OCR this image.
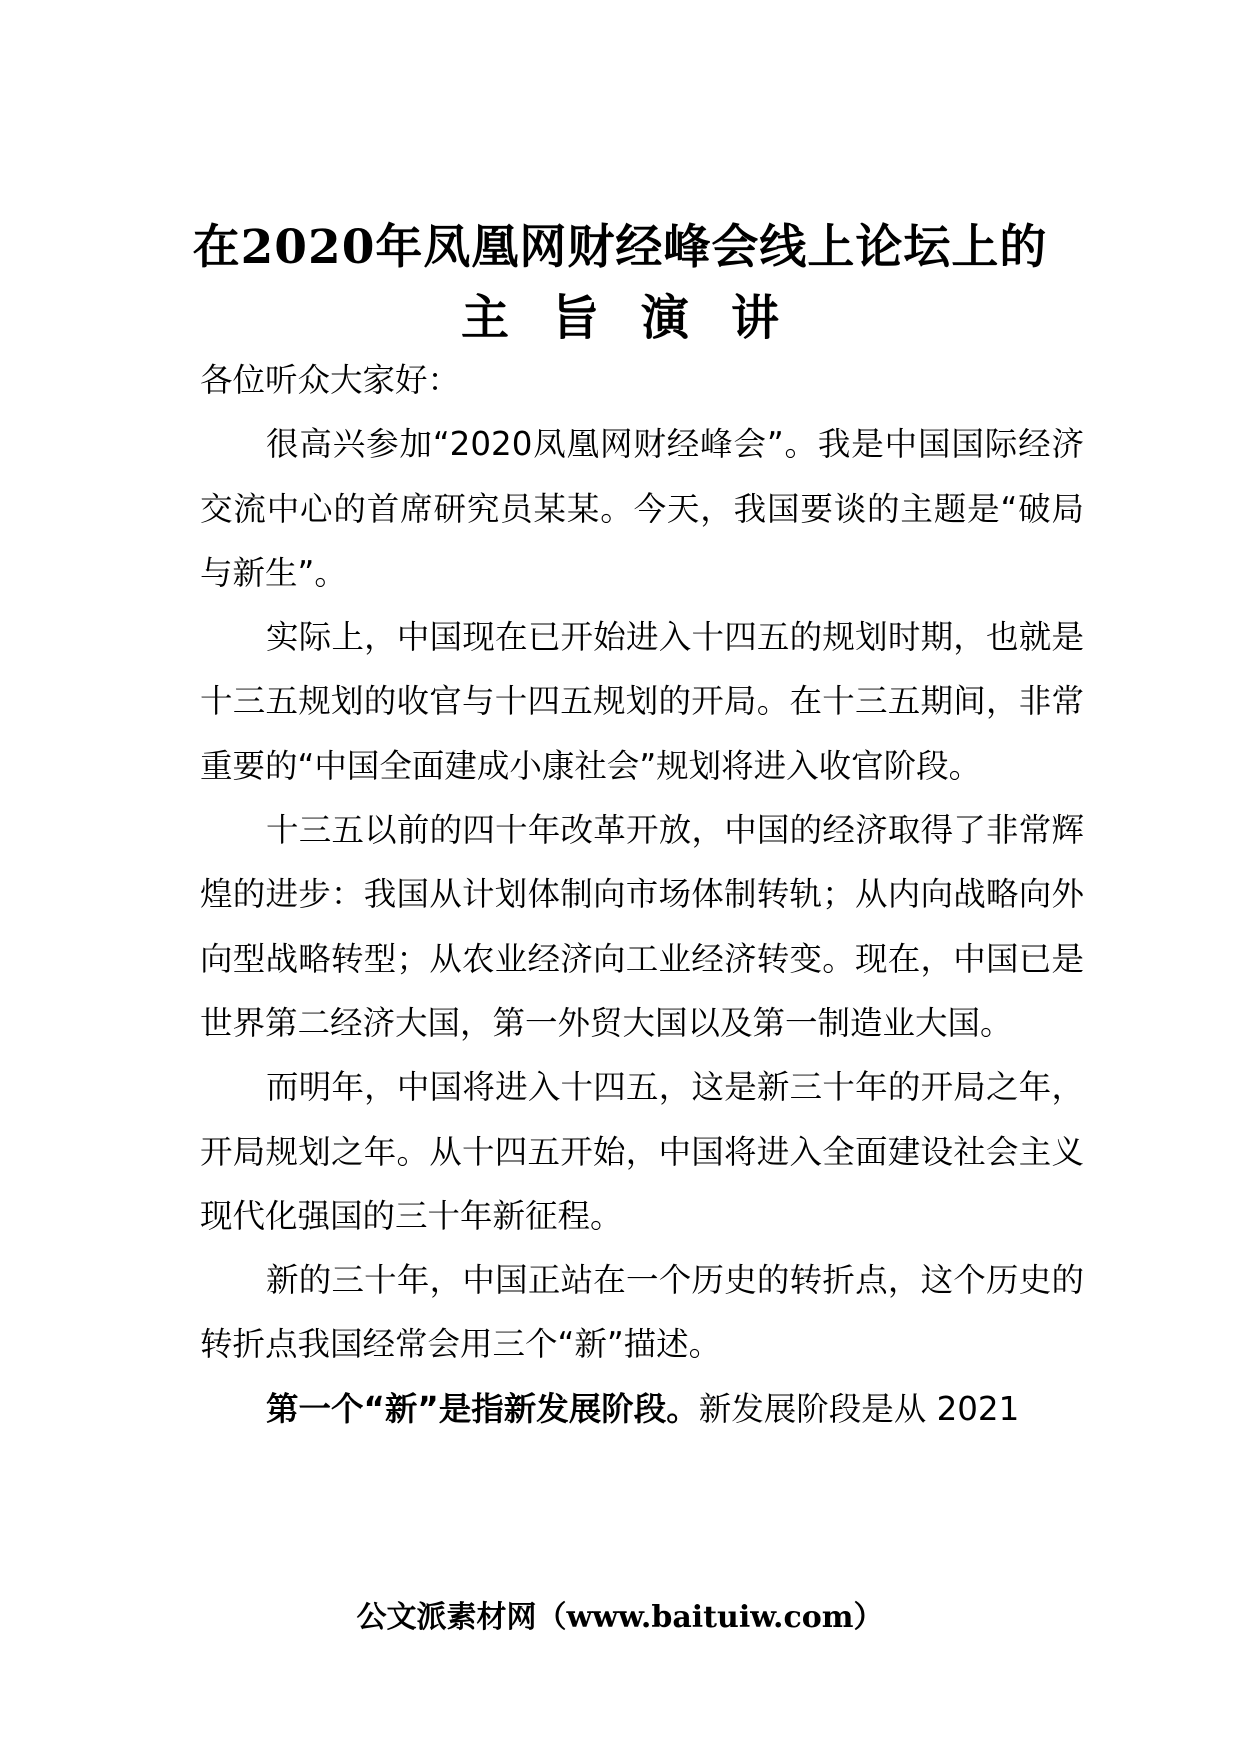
在2020年凤凰网财经峰会线上论坛上的
主旨演讲

各位听众大家好：

很高兴参加“2020凤凰网财经峰会”。我是中国国际经济交流中心的首席研究员某某。今天，我国要谈的主题是“破局与新生”。

实际上，中国现在已开始进入十四五的规划时期，也就是十三五规划的收官与十四五规划的开局。在十三五期间，非常重要的“中国全面建成小康社会”规划将进入收官阶段。

十三五以前的四十年改革开放，中国的经济取得了非常辉煌的进步：我国从计划体制向市场体制转轨；从内向战略向外向型战略转型；从农业经济向工业经济转变。现在，中国已是世界第二经济大国，第一外贸大国以及第一制造业大国。

而明年，中国将进入十四五，这是新三十年的开局之年，开局规划之年。从十四五开始，中国将进入全面建设社会主义现代化强国的三十年新征程。

新的三十年，中国正站在一个历史的转折点，这个历史的转折点我国经常会用三个“新”描述。

第一个“新”是指新发展阶段。新发展阶段是从 2021

公文派素材网（www.baituiw.com）
